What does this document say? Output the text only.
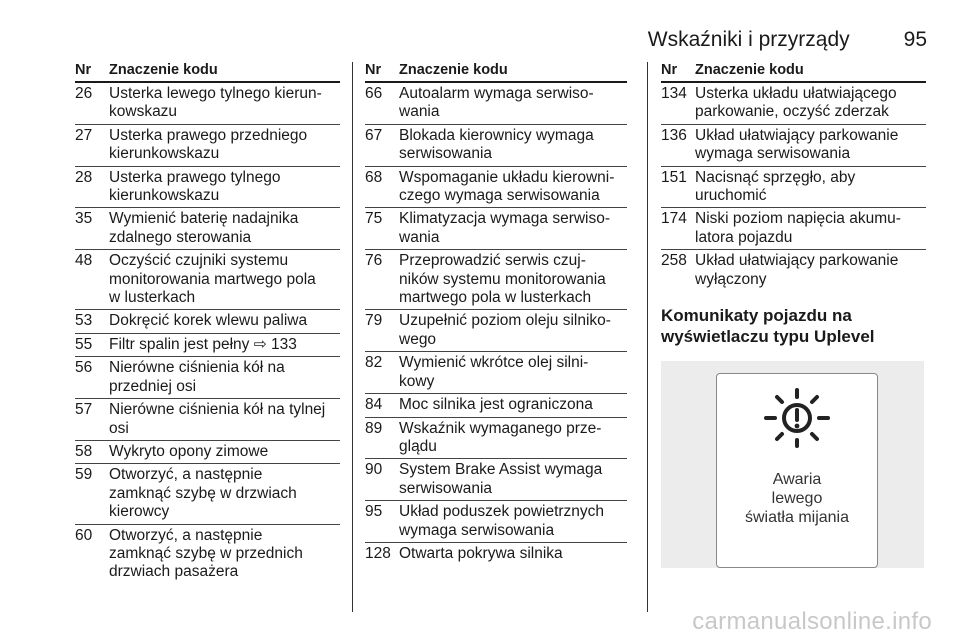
Wskaźniki i przyrządy	95
Nr	Znaczenie kodu
26	Usterka lewego tylnego kierun-
kowskazu
27	Usterka prawego przedniego
kierunkowskazu
28	Usterka prawego tylnego
kierunkowskazu
35	Wymienić baterię nadajnika
zdalnego sterowania
48	Oczyścić czujniki systemu
monitorowania martwego pola
w lusterkach
53	Dokręcić korek wlewu paliwa
55	Filtr spalin jest pełny ⇨ 133
56	Nierówne ciśnienia kół na
przedniej osi
57	Nierówne ciśnienia kół na tylnej
osi
58	Wykryto opony zimowe
59	Otworzyć, a następnie
zamknąć szybę w drzwiach
kierowcy
60	Otworzyć, a następnie
zamknąć szybę w przednich
drzwiach pasażera
Nr	Znaczenie kodu
66	Autoalarm wymaga serwiso-
wania
67	Blokada kierownicy wymaga
serwisowania
68	Wspomaganie układu kierowni-
czego wymaga serwisowania
75	Klimatyzacja wymaga serwiso-
wania
76	Przeprowadzić serwis czuj-
ników systemu monitorowania
martwego pola w lusterkach
79	Uzupełnić poziom oleju silniko-
wego
82	Wymienić wkrótce olej silni-
kowy
84	Moc silnika jest ograniczona
89	Wskaźnik wymaganego prze-
glądu
90	System Brake Assist wymaga
serwisowania
95	Układ poduszek powietrznych
wymaga serwisowania
128 Otwarta pokrywa silnika
Nr	Znaczenie kodu
134 Usterka układu ułatwiającego
parkowanie, oczyść zderzak
136 Układ ułatwiający parkowanie
wymaga serwisowania
151 Nacisnąć sprzęgło, aby
uruchomić
174 Niski poziom napięcia akumu-
latora pojazdu
258 Układ ułatwiający parkowanie
wyłączony
Komunikaty pojazdu na
wyświetlaczu typu Uplevel
Awaria
lewego
światła mijania
carmanualsonline.info
